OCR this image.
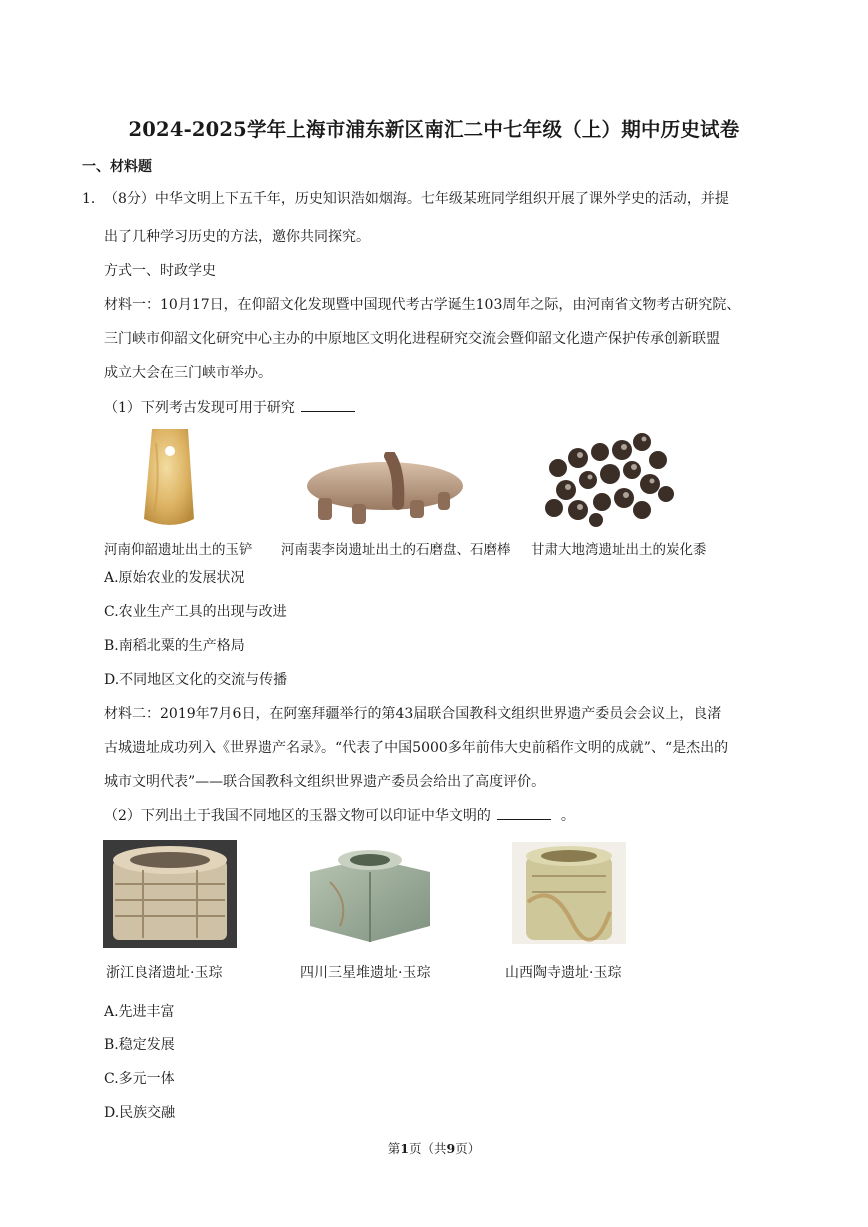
2024-2025学年上海市浦东新区南汇二中七年级（上）期中历史试卷
一、材料题
1． （8分）中华文明上下五千年，历史知识浩如烟海。七年级某班同学组织开展了课外学史的活动，并提
出了几种学习历史的方法，邀你共同探究。
方式一、时政学史
材料一：10月17日，在仰韶文化发现暨中国现代考古学诞生103周年之际，由河南省文物考古研究院、
三门峡市仰韶文化研究中心主办的中原地区文明化进程研究交流会暨仰韶文化遗产保护传承创新联盟
成立大会在三门峡市举办。
（1）下列考古发现可用于研究
河南仰韶遗址出土的玉铲 河南裴李岗遗址出土的石磨盘、石磨棒 甘肃大地湾遗址出土的炭化黍
A.原始农业的发展状况
C.农业生产工具的出现与改进
B.南稻北粟的生产格局
D.不同地区文化的交流与传播
材料二：2019年7月6日，在阿塞拜疆举行的第43届联合国教科文组织世界遗产委员会会议上，良渚
古城遗址成功列入《世界遗产名录》。“代表了中国5000多年前伟大史前稻作文明的成就”、“是杰出的
城市文明代表”——联合国教科文组织世界遗产委员会给出了高度评价。
（2）下列出土于我国不同地区的玉器文物可以印证中华文明的	。
浙江良渚遗址·玉琮	四川三星堆遗址·玉琮	山西陶寺遗址·玉琮
A.先进丰富
B.稳定发展
C.多元一体
D.民族交融
第1页（共9页）
